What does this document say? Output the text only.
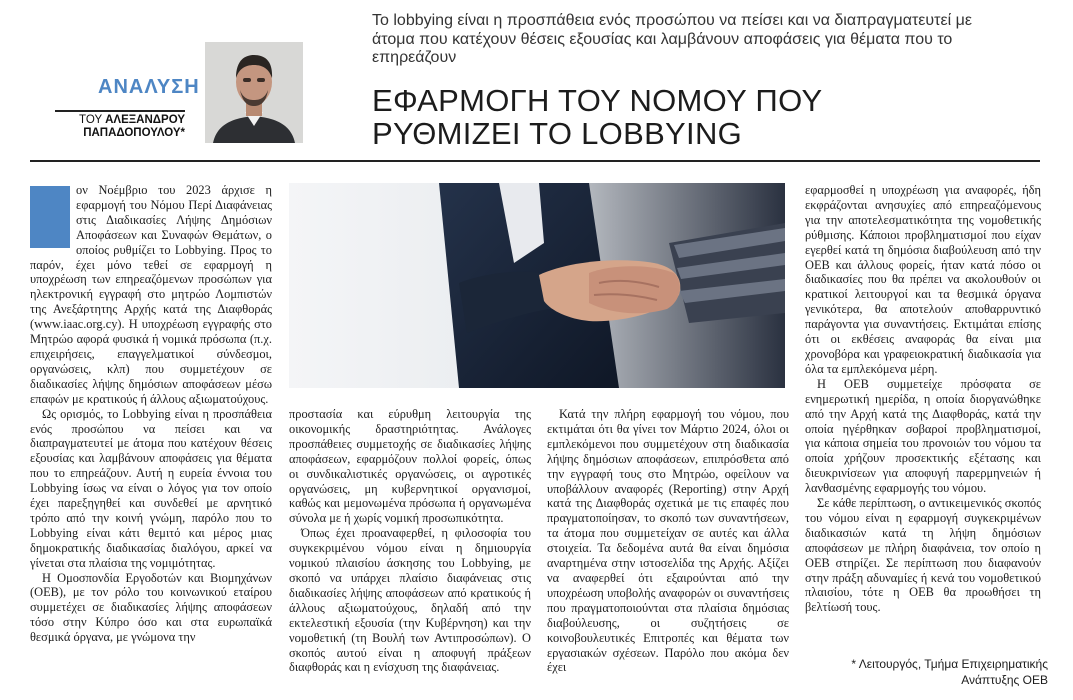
ΑΝΑΛΥΣΗ
ΤΟΥ ΑΛΕΞΑΝΔΡΟΥ
ΠΑΠΑΔΟΠΟΥΛΟΥ*
Το lobbying είναι η προσπάθεια ενός προσώπου να πείσει και να διαπραγματευτεί με άτομα που κατέχουν θέσεις εξουσίας και λαμβάνουν αποφάσεις για θέματα που το επηρεάζουν
ΕΦΑΡΜΟΓΗ ΤΟΥ ΝΟΜΟΥ ΠΟΥ
ΡΥΘΜΙΖΕΙ ΤΟ LOBBYING

ον Νοέμβριο του 2023 άρχισε η εφαρμογή του Νόμου Περί Διαφάνειας στις Διαδικασίες Λήψης Δημόσιων Αποφάσεων και Συναφών Θεμάτων, ο οποίος ρυθμίζει το Lobbying. Προς το παρόν, έχει μόνο τεθεί σε εφαρμογή η υποχρέωση των επηρεαζόμενων προσώπων για ηλεκτρονική εγγραφή στο μητρώο Λομπιστών της Ανεξάρτητης Αρχής κατά της Διαφθοράς (www.iaac.org.cy). Η υποχρέωση εγγραφής στο Μητρώο αφορά φυσικά ή νομικά πρόσωπα (π.χ. επιχειρήσεις, επαγγελματικοί σύνδεσμοι, οργανώσεις, κλπ) που συμμετέχουν σε διαδικασίες λήψης δημόσιων αποφάσεων μέσω επαφών με κρατικούς ή άλλους αξιωματούχους.

Ως ορισμός, το Lobbying είναι η προσπάθεια ενός προσώπου να πείσει και να διαπραγματευτεί με άτομα που κατέχουν θέσεις εξουσίας και λαμβάνουν αποφάσεις για θέματα που το επηρεάζουν. Αυτή η ευρεία έννοια του Lobbying ίσως να είναι ο λόγος για τον οποίο έχει παρεξηγηθεί και συνδεθεί με αρνητικό τρόπο από την κοινή γνώμη, παρόλο που το Lobbying είναι κάτι θεμιτό και μέρος μιας δημοκρατικής διαδικασίας διαλόγου, αρκεί να γίνεται στα πλαίσια της νομιμότητας.

Η Ομοσπονδία Εργοδοτών και Βιομηχάνων (ΟΕΒ), με τον ρόλο του κοινωνικού εταίρου συμμετέχει σε διαδικασίες λήψης αποφάσεων τόσο στην Κύπρο όσο και στα ευρωπαϊκά θεσμικά όργανα, με γνώμονα την

προστασία και εύρυθμη λειτουργία της οικονομικής δραστηριότητας. Ανάλογες προσπάθειες συμμετοχής σε διαδικασίες λήψης αποφάσεων, εφαρμόζουν πολλοί φορείς, όπως οι συνδικαλιστικές οργανώσεις, οι αγροτικές οργανώσεις, μη κυβερνητικοί οργανισμοί, καθώς και μεμονωμένα πρόσωπα ή οργανωμένα σύνολα με ή χωρίς νομική προσωπικότητα.

Όπως έχει προαναφερθεί, η φιλοσοφία του συγκεκριμένου νόμου είναι η δημιουργία νομικού πλαισίου άσκησης του Lobbying, με σκοπό να υπάρχει πλαίσιο διαφάνειας στις διαδικασίες λήψης αποφάσεων από κρατικούς ή άλλους αξιωματούχους, δηλαδή από την εκτελεστική εξουσία (την Κυβέρνηση) και την νομοθετική (τη Βουλή των Αντιπροσώπων). Ο σκοπός αυτού είναι η αποφυγή πράξεων διαφθοράς και η ενίσχυση της διαφάνειας.

Κατά την πλήρη εφαρμογή του νόμου, που εκτιμάται ότι θα γίνει τον Μάρτιο 2024, όλοι οι εμπλεκόμενοι που συμμετέχουν στη διαδικασία λήψης δημόσιων αποφάσεων, επιπρόσθετα από την εγγραφή τους στο Μητρώο, οφείλουν να υποβάλλουν αναφορές (Reporting) στην Αρχή κατά της Διαφθοράς σχετικά με τις επαφές που πραγματοποίησαν, το σκοπό των συναντήσεων, τα άτομα που συμμετείχαν σε αυτές και άλλα στοιχεία. Τα δεδομένα αυτά θα είναι δημόσια αναρτημένα στην ιστοσελίδα της Αρχής. Αξίζει να αναφερθεί ότι εξαιρούνται από την υποχρέωση υποβολής αναφορών οι συναντήσεις που πραγματοποιούνται στα πλαίσια δημόσιας διαβούλευσης, οι συζητήσεις σε κοινοβουλευτικές Επιτροπές και θέματα των εργασιακών σχέσεων. Παρόλο που ακόμα δεν έχει

εφαρμοσθεί η υποχρέωση για αναφορές, ήδη εκφράζονται ανησυχίες από επηρεαζόμενους για την αποτελεσματικότητα της νομοθετικής ρύθμισης. Κάποιοι προβληματισμοί που είχαν εγερθεί κατά τη δημόσια διαβούλευση από την ΟΕΒ και άλλους φορείς, ήταν κατά πόσο οι διαδικασίες που θα πρέπει να ακολουθούν οι κρατικοί λειτουργοί και τα θεσμικά όργανα γενικότερα, θα αποτελούν αποθαρρυντικό παράγοντα για συναντήσεις. Εκτιμάται επίσης ότι οι εκθέσεις αναφοράς θα είναι μια χρονοβόρα και γραφειοκρατική διαδικασία για όλα τα εμπλεκόμενα μέρη.

Η ΟΕΒ συμμετείχε πρόσφατα σε ενημερωτική ημερίδα, η οποία διοργανώθηκε από την Αρχή κατά της Διαφθοράς, κατά την οποία ηγέρθηκαν σοβαροί προβληματισμοί, για κάποια σημεία του προνοιών του νόμου τα οποία χρήζουν προσεκτικής εξέτασης και διευκρινίσεων για αποφυγή παρερμηνειών ή λανθασμένης εφαρμογής του νόμου.

Σε κάθε περίπτωση, ο αντικειμενικός σκοπός του νόμου είναι η εφαρμογή συγκεκριμένων διαδικασιών κατά τη λήψη δημόσιων αποφάσεων με πλήρη διαφάνεια, τον οποίο η ΟΕΒ στηρίζει. Σε περίπτωση που διαφανούν στην πράξη αδυναμίες ή κενά του νομοθετικού πλαισίου, τότε η ΟΕΒ θα προωθήσει τη βελτίωσή τους.

* Λειτουργός, Τμήμα Επιχειρηματικής
Ανάπτυξης ΟΕΒ
